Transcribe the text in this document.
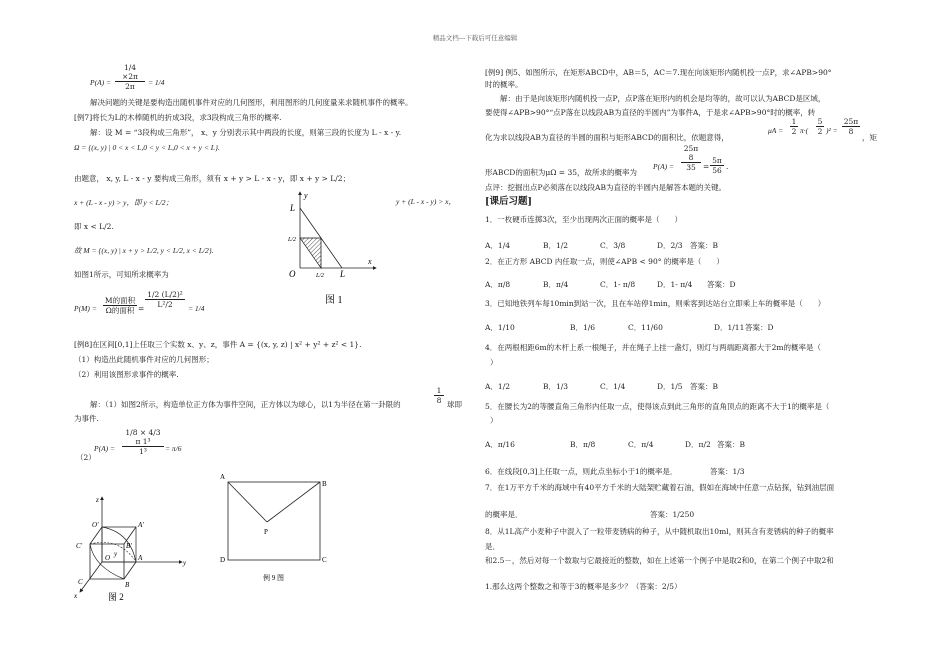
精品文档---下载后可任意编辑
$P(A) = \frac{1/4 \times 2\pi}{2\pi} = 1/4$
解决问题的关键是要构造出随机事件对应的几何图形，利用图形的几何度量来求随机事件的概率。
[例7]将长为L的木棒随机的折成3段，求3段构成三角形的概率.
解：设 M = “3段构成三角形”， x、y 分别表示其中两段的长度，则第三段的长度为 L - x - y.
Ω = {(x, y) | 0 < x < L,0 < y < L,0 < x + y < L}.
由题意， x, y, L - x - y 要构成三角形，须有 x + y > L - x - y，即 x + y > L/2；
y + (L - x - y) > x，
x + (L - x - y) > y，即 y < L/2；
即 x < L/2.
故 M = {(x, y) | x + y > L/2, y < L/2, x < L/2}.
如图1所示，可知所求概率为
P(M) =
M的面积
Ω的面积 = $\frac{\text{1/2 (L/2)²}}{\text{L²/2}} = 1/4$
L
L/2
O	L/2 L
x
y
图 1
[例8]在区间[0,1]上任取三个实数 x、y、z，事件 A = {(x, y, z) | x² + y² + z² < 1}.
（1）构造出此随机事件对应的几何图形；
（2）利用该图形求事件的概率.
解：（1）如图2所示，构造单位正方体为事件空间，正方体以为球心，以1为半径在第一卦限的	$\frac{1}{8}$ 球即
为事件.
（2）
$P(A) = \frac{\text{1/8 × 4/3 π 1³}}{\text{1³}} = \pi/6$
z
O'	A'
C'	B'
y
O	A
C	B
x
y
图 2
A
B
C
D
P
例 9 图
[例9] 例5、如图所示，在矩形ABCD中，AB＝5，AC＝7.现在向该矩形内随机投一点P，求∠APB>90°
时的概率。
解：由于是向该矩形内随机投一点P，点P落在矩形内的机会是均等的，故可以认为ABCD是区域，
要使得∠APB>90°“点P落在以线段AB为直径的半圆内”为事件A，于是求∠APB>90°时的概率，转
化为求以线段AB为直径的半圆的面积与矩形ABCD的面积比，依题意得，
$\mu A = \frac{1}{2} \pi\cdot( \frac{5}{2} )^2 = \frac{25\pi}{8}$
，矩
形ABCD的面积为μΩ = 35，故所求的概率为
P(A) =
25π
8
$35 = \frac{5\pi}{56}$ .
点评：挖掘出点P必须落在以线段AB为直径的半圆内是解答本题的关键。
[课后习题]
1．一枚硬币连掷3次，至少出现两次正面的概率是（　　）
A．1/4	B．1/2	C．3/8	D．2/3 答案：B
2．在正方形 ABCD 内任取一点，则使∠APB < 90° 的概率是（　　）
A．π/8	B．π/4	C．1- π/8	D．1- π/4 答案：D
3．已知地铁列车每10min到站一次，且在车站停1min，则乘客到达站台立即乘上车的概率是（　　）
A．1/10	B．1/6	C．11/60	D．1/11 答案：D
4．在两根相距6m的木杆上系一根绳子，并在绳子上挂一盏灯，则灯与两端距离都大于2m的概率是（
）
A．1/2	B．1/3	C．1/4	D．1/5 答案：B
5．在腰长为2的等腰直角三角形内任取一点，使得该点到此三角形的直角顶点的距离不大于1的概率是（
）
A．π/16	B．π/8	C．π/4	D．π/2 答案：B
6．在线段[0,3]上任取一点，则此点坐标小于1的概率是．	答案：1/3
7．在1万平方千米的海域中有40平方千米的大陆架贮藏着石油，假如在海域中任意一点钻探，钻到油层面
的概率是．	答案：1/250
8．从1L高产小麦种子中混入了一粒带麦锈病的种子，从中随机取出10ml，则其含有麦锈病的种子的概率
是．
和2.5－，然后对每一个数取与它最接近的整数，如在上述第一个例子中是取2和0，在第二个例子中取2和
1.那么这两个整数之和等于3的概率是多少？（答案：2/5）
